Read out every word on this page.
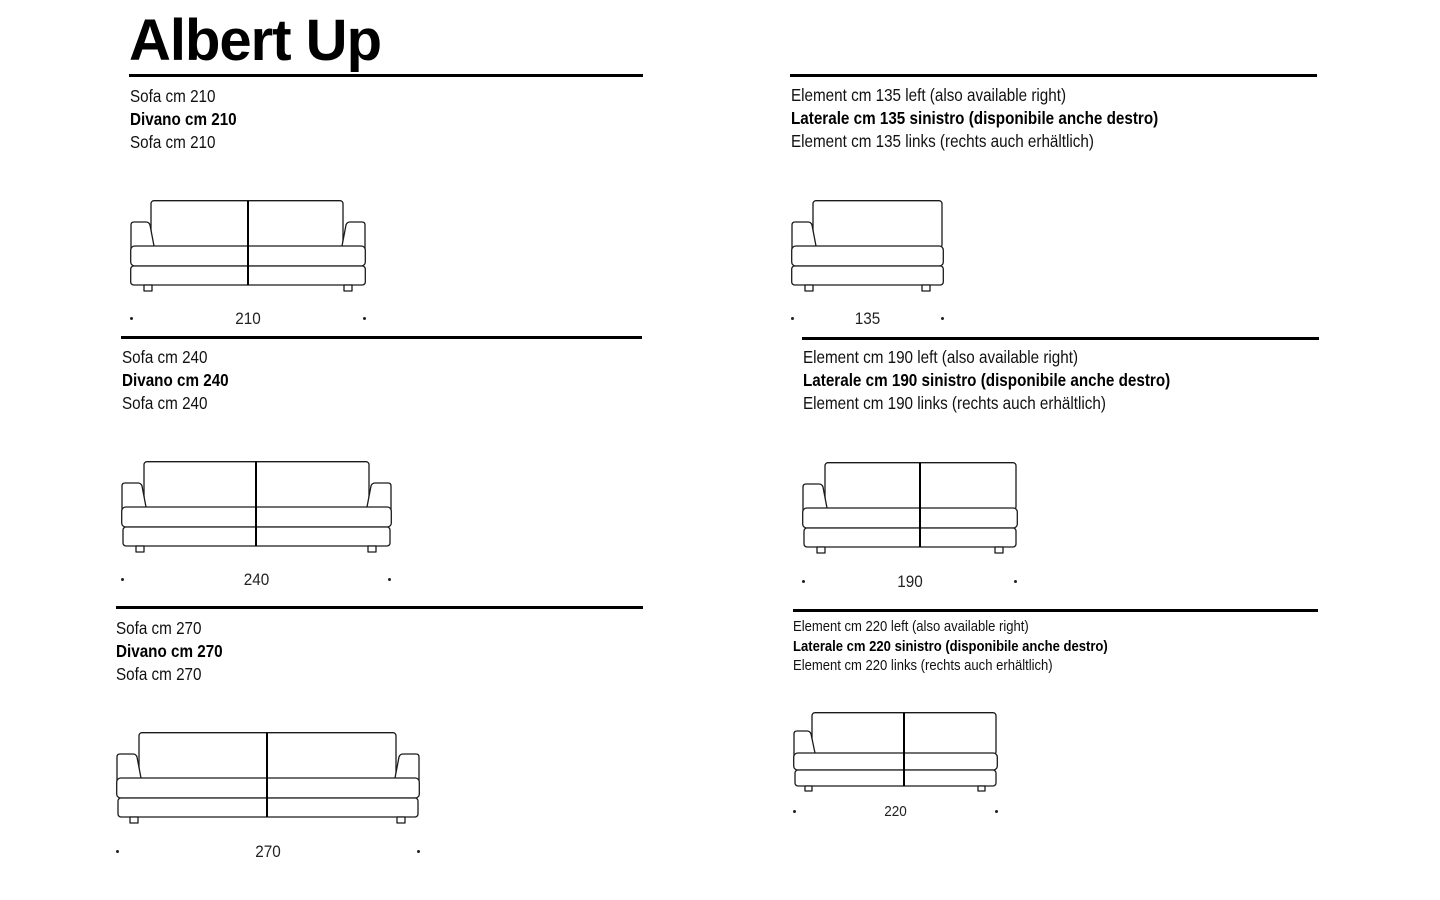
Albert Up
Sofa cm 210
Divano cm 210
Sofa cm 210
210
Element cm 135 left (also available right)
Laterale cm 135 sinistro (disponibile anche destro)
Element cm 135 links (rechts auch erhältlich)
135
Sofa cm 240
Divano cm 240
Sofa cm 240
240
Element cm 190 left (also available right)
Laterale cm 190 sinistro (disponibile anche destro)
Element cm 190 links (rechts auch erhältlich)
190
Sofa cm 270
Divano cm 270
Sofa cm 270
270
Element cm 220 left (also available right)
Laterale cm 220 sinistro (disponibile anche destro)
Element cm 220 links (rechts auch erhältlich)
220
